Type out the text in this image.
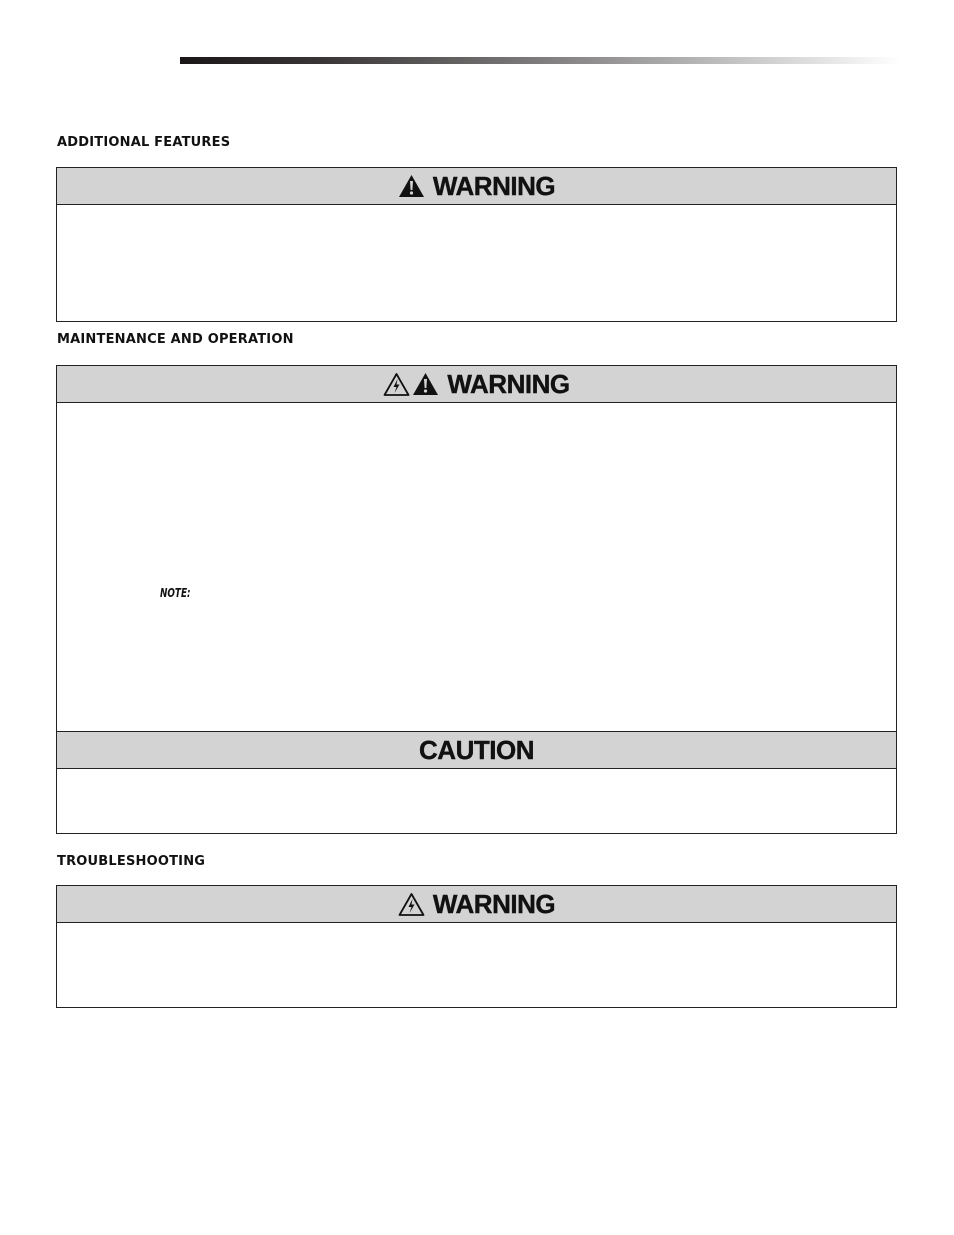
ADDITIONAL FEATURES
WARNING
MAINTENANCE AND OPERATION
WARNING
CAUTION
NOTE:
TROUBLESHOOTING
WARNING
